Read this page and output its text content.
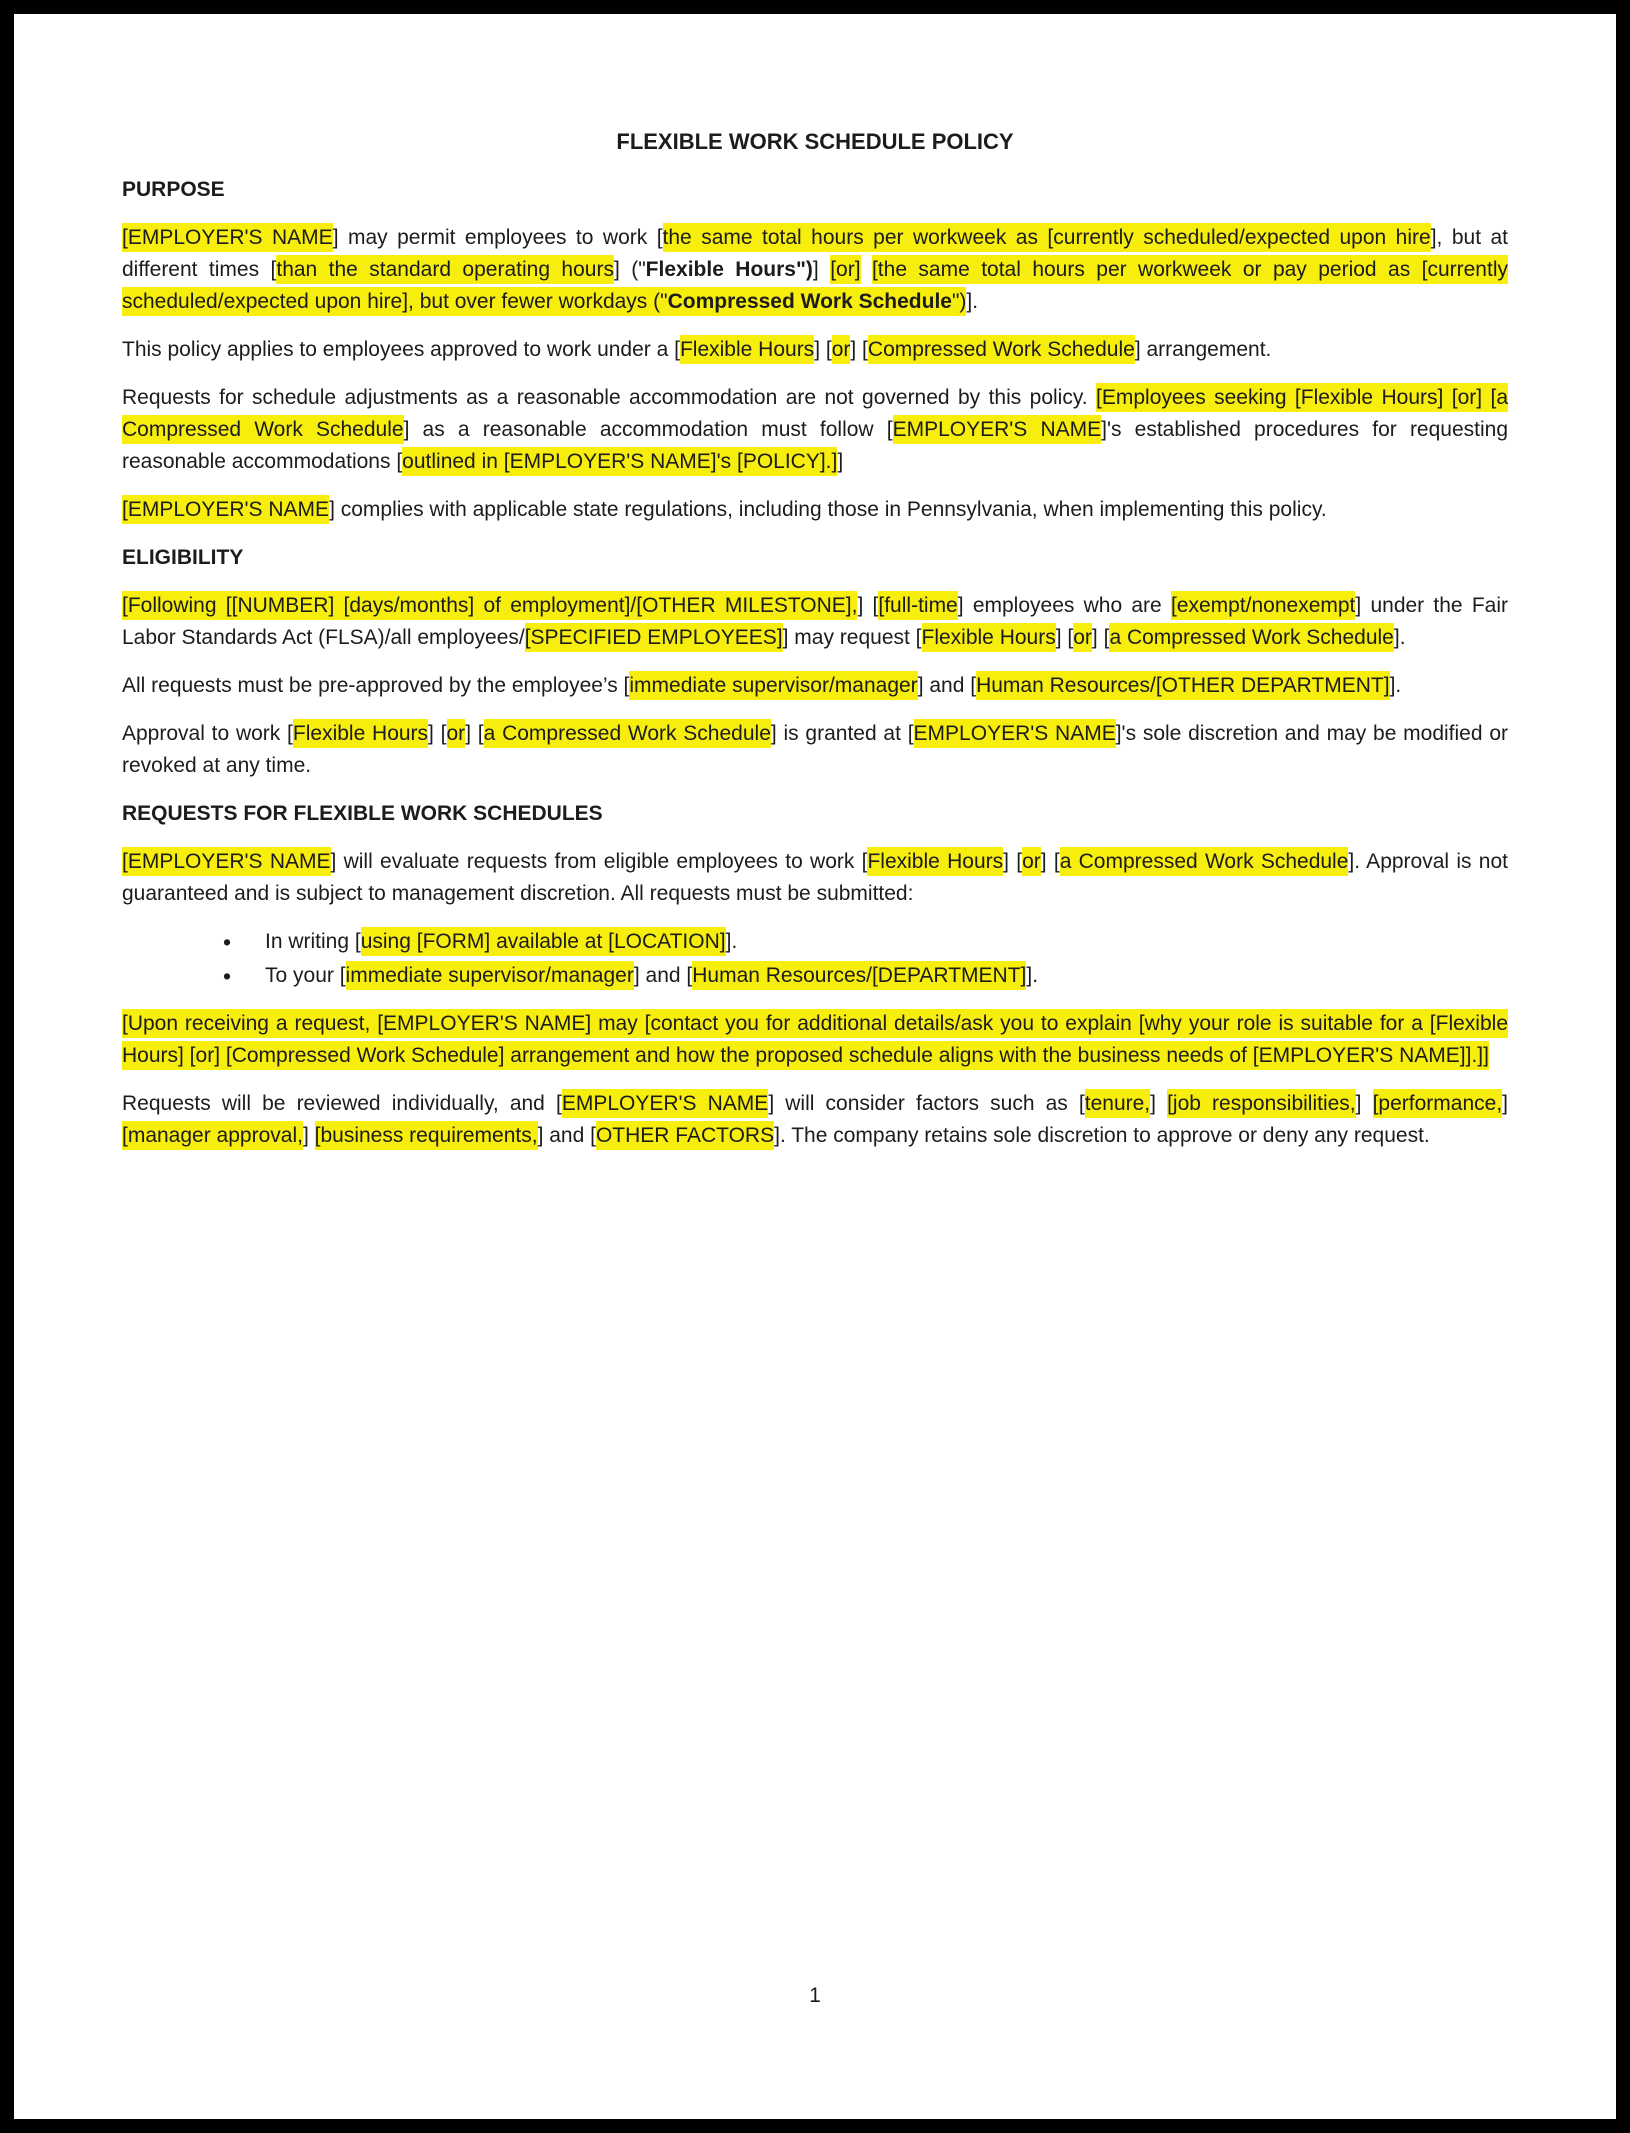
FLEXIBLE WORK SCHEDULE POLICY
PURPOSE

[EMPLOYER'S NAME] may permit employees to work [the same total hours per workweek as [currently scheduled/expected upon hire], but at different times [than the standard operating hours] ("Flexible Hours")] [or] [the same total hours per workweek or pay period as [currently scheduled/expected upon hire], but over fewer workdays ("Compressed Work Schedule")].

This policy applies to employees approved to work under a [Flexible Hours] [or] [Compressed Work Schedule] arrangement.

Requests for schedule adjustments as a reasonable accommodation are not governed by this policy. [Employees seeking [Flexible Hours] [or] [a Compressed Work Schedule] as a reasonable accommodation must follow [EMPLOYER'S NAME]'s established procedures for requesting reasonable accommodations [outlined in [EMPLOYER'S NAME]'s [POLICY].]]

[EMPLOYER'S NAME] complies with applicable state regulations, including those in Pennsylvania, when implementing this policy.

ELIGIBILITY

[Following [[NUMBER] [days/months] of employment]/[OTHER MILESTONE],] [[full-time] employees who are [exempt/nonexempt] under the Fair Labor Standards Act (FLSA)/all employees/[SPECIFIED EMPLOYEES]] may request [Flexible Hours] [or] [a Compressed Work Schedule].

All requests must be pre-approved by the employee’s [immediate supervisor/manager] and [Human Resources/[OTHER DEPARTMENT]].

Approval to work [Flexible Hours] [or] [a Compressed Work Schedule] is granted at [EMPLOYER'S NAME]'s sole discretion and may be modified or revoked at any time.

REQUESTS FOR FLEXIBLE WORK SCHEDULES

[EMPLOYER'S NAME] will evaluate requests from eligible employees to work [Flexible Hours] [or] [a Compressed Work Schedule]. Approval is not guaranteed and is subject to management discretion. All requests must be submitted:

• In writing [using [FORM] available at [LOCATION]].
• To your [immediate supervisor/manager] and [Human Resources/[DEPARTMENT]].

[Upon receiving a request, [EMPLOYER'S NAME] may [contact you for additional details/ask you to explain [why your role is suitable for a [Flexible Hours] [or] [Compressed Work Schedule] arrangement and how the proposed schedule aligns with the business needs of [EMPLOYER'S NAME]].]]

Requests will be reviewed individually, and [EMPLOYER'S NAME] will consider factors such as [tenure,] [job responsibilities,] [performance,] [manager approval,] [business requirements,] and [OTHER FACTORS]. The company retains sole discretion to approve or deny any request.

1
